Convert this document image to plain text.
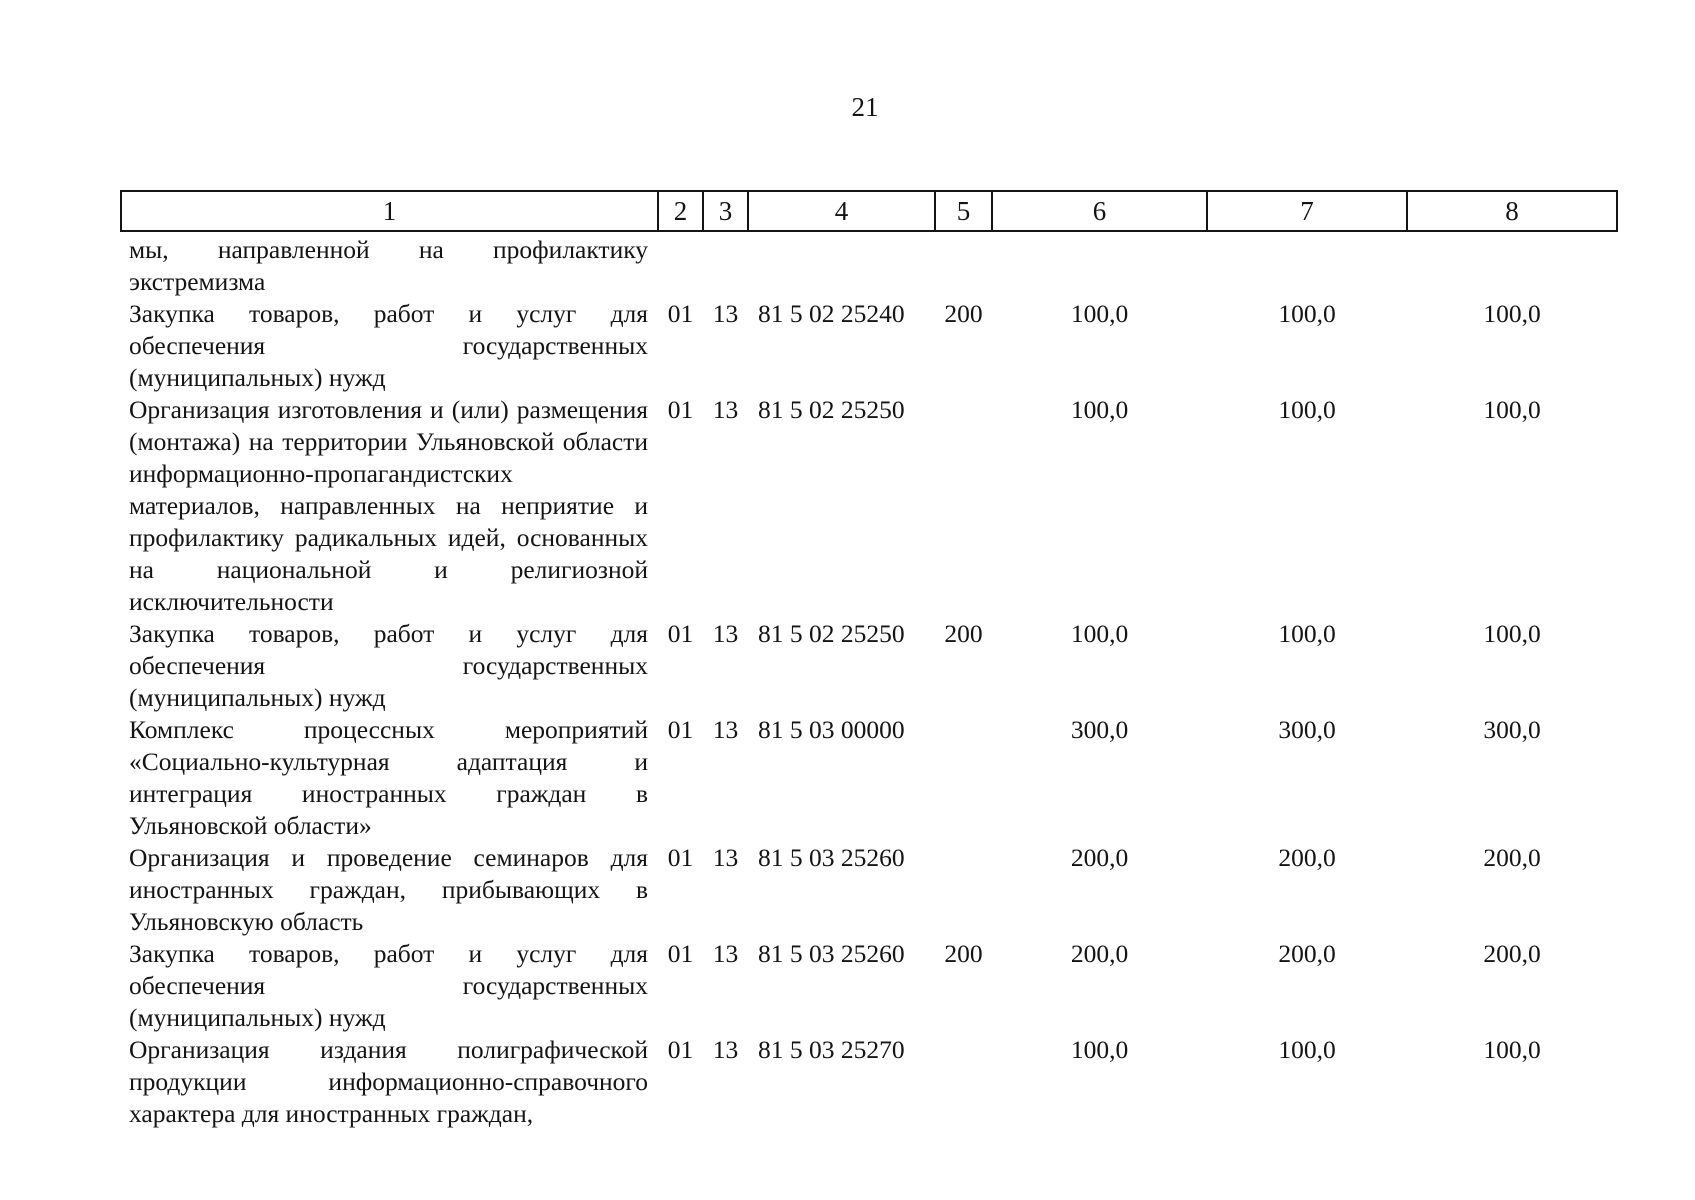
21
1	2	3	4	5	6	7	8
мы, направленной на профилактику экстремизма							
Закупка товаров, работ и услуг для обеспечения государственных (муниципальных) нужд	01	13	81 5 02 25240	200	100,0	100,0	100,0
Организация изготовления и (или) размещения (монтажа) на территории Ульяновской области информационно-пропагандистских материалов, направленных на неприятие и профилактику радикальных идей, основанных на национальной и религиозной исключительности	01	13	81 5 02 25250		100,0	100,0	100,0
Закупка товаров, работ и услуг для обеспечения государственных (муниципальных) нужд	01	13	81 5 02 25250	200	100,0	100,0	100,0
Комплекс процессных мероприятий «Социально-культурная адаптация и интеграция иностранных граждан в Ульяновской области»	01	13	81 5 03 00000		300,0	300,0	300,0
Организация и проведение семинаров для иностранных граждан, прибывающих в Ульяновскую область	01	13	81 5 03 25260		200,0	200,0	200,0
Закупка товаров, работ и услуг для обеспечения государственных (муниципальных) нужд	01	13	81 5 03 25260	200	200,0	200,0	200,0
Организация издания полиграфической продукции информационно-справочного характера для иностранных граждан,	01	13	81 5 03 25270		100,0	100,0	100,0
